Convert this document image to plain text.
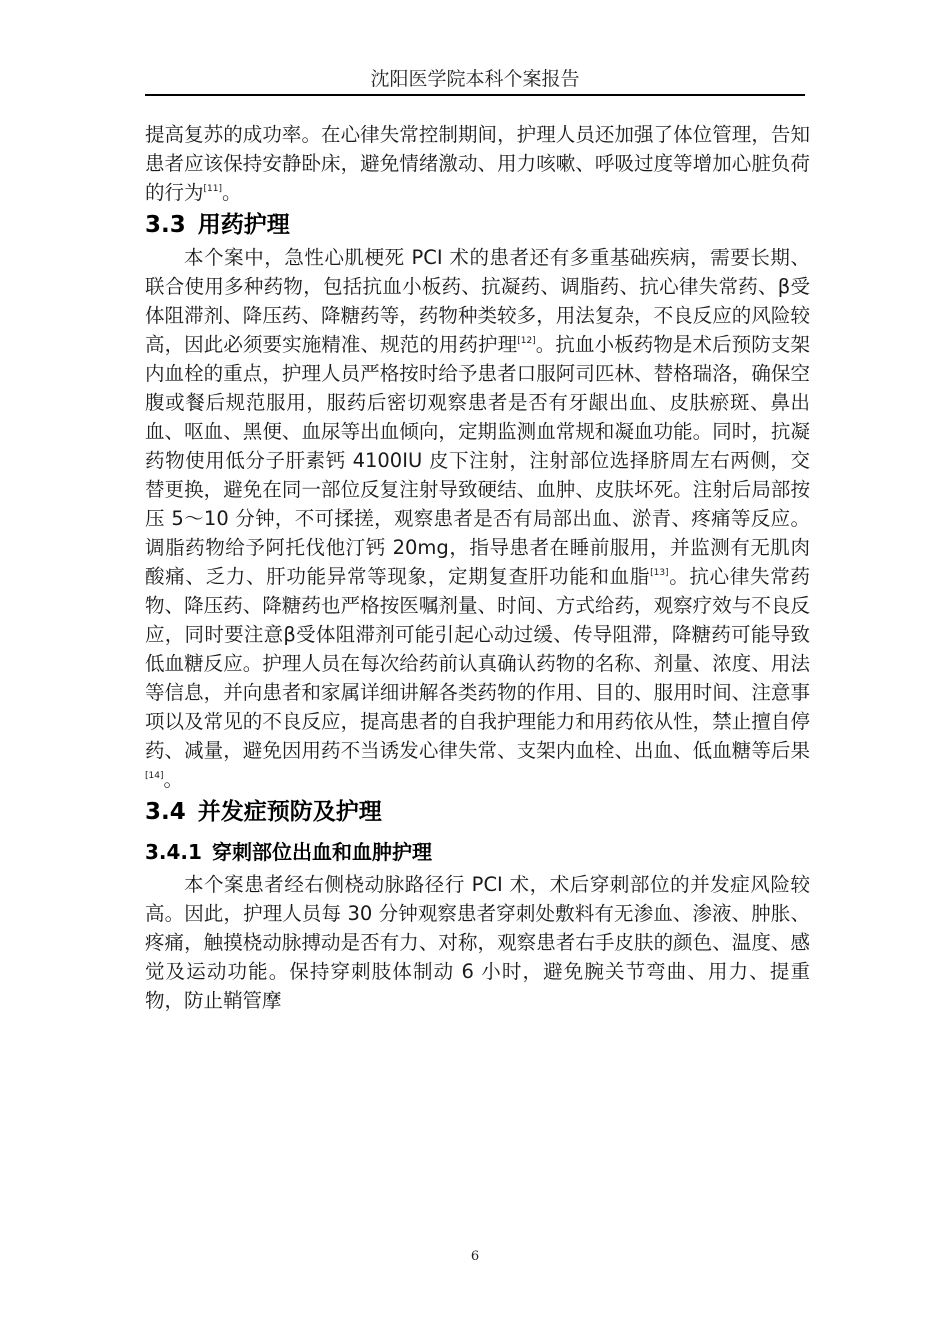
沈阳医学院本科个案报告

提高复苏的成功率。在心律失常控制期间，护理人员还加强了体位管理，告知患者应该保持安静卧床，避免情绪激动、用力咳嗽、呼吸过度等增加心脏负荷的行为[11]。

3.3 用药护理

本个案中，急性心肌梗死 PCI 术的患者还有多重基础疾病，需要长期、联合使用多种药物，包括抗血小板药、抗凝药、调脂药、抗心律失常药、β受体阻滞剂、降压药、降糖药等，药物种类较多，用法复杂，不良反应的风险较高，因此必须要实施精准、规范的用药护理[12]。抗血小板药物是术后预防支架内血栓的重点，护理人员严格按时给予患者口服阿司匹林、替格瑞洛，确保空腹或餐后规范服用，服药后密切观察患者是否有牙龈出血、皮肤瘀斑、鼻出血、呕血、黑便、血尿等出血倾向，定期监测血常规和凝血功能。同时，抗凝药物使用低分子肝素钙 4100IU 皮下注射，注射部位选择脐周左右两侧，交替更换，避免在同一部位反复注射导致硬结、血肿、皮肤坏死。注射后局部按压 5～10 分钟，不可揉搓，观察患者是否有局部出血、淤青、疼痛等反应。调脂药物给予阿托伐他汀钙 20mg，指导患者在睡前服用，并监测有无肌肉酸痛、乏力、肝功能异常等现象，定期复查肝功能和血脂[13]。抗心律失常药物、降压药、降糖药也严格按医嘱剂量、时间、方式给药，观察疗效与不良反应，同时要注意β受体阻滞剂可能引起心动过缓、传导阻滞，降糖药可能导致低血糖反应。护理人员在每次给药前认真确认药物的名称、剂量、浓度、用法等信息，并向患者和家属详细讲解各类药物的作用、目的、服用时间、注意事项以及常见的不良反应，提高患者的自我护理能力和用药依从性，禁止擅自停药、减量，避免因用药不当诱发心律失常、支架内血栓、出血、低血糖等后果[14]。

3.4 并发症预防及护理
3.4.1 穿刺部位出血和血肿护理

本个案患者经右侧桡动脉路径行 PCI 术，术后穿刺部位的并发症风险较高。因此，护理人员每 30 分钟观察患者穿刺处敷料有无渗血、渗液、肿胀、疼痛，触摸桡动脉搏动是否有力、对称，观察患者右手皮肤的颜色、温度、感觉及运动功能。保持穿刺肢体制动 6 小时，避免腕关节弯曲、用力、提重物，防止鞘管摩

6
